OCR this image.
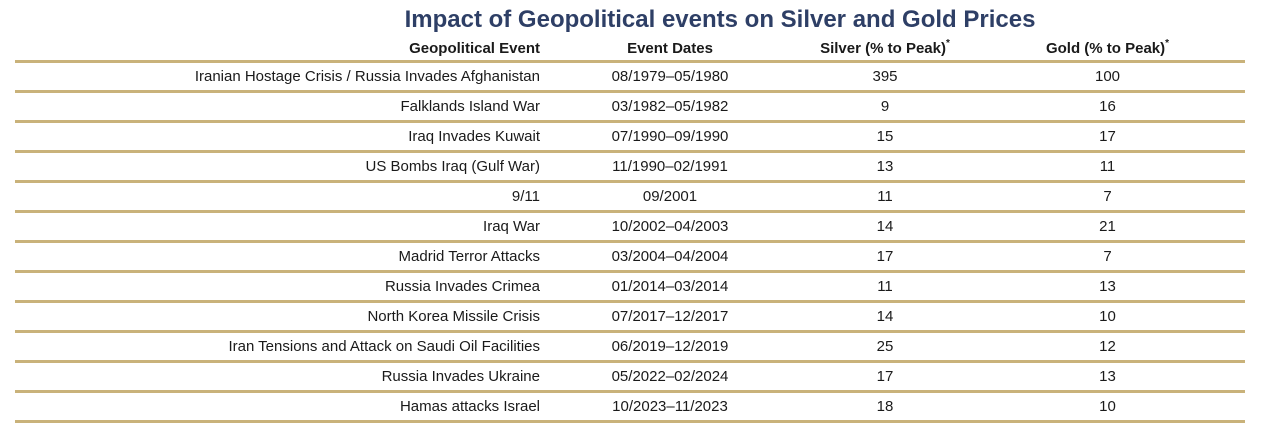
Impact of Geopolitical events on Silver and Gold Prices
Geopolitical Event	Event Dates	Silver (% to Peak)*	Gold (% to Peak)*
Iranian Hostage Crisis / Russia Invades Afghanistan	08/1979–05/1980	395	100
Falklands Island War	03/1982–05/1982	9	16
Iraq Invades Kuwait	07/1990–09/1990	15	17
US Bombs Iraq (Gulf War)	11/1990–02/1991	13	11
9/11	09/2001	11	7
Iraq War	10/2002–04/2003	14	21
Madrid Terror Attacks	03/2004–04/2004	17	7
Russia Invades Crimea	01/2014–03/2014	11	13
North Korea Missile Crisis	07/2017–12/2017	14	10
Iran Tensions and Attack on Saudi Oil Facilities	06/2019–12/2019	25	12
Russia Invades Ukraine	05/2022–02/2024	17	13
Hamas attacks Israel	10/2023–11/2023	18	10
